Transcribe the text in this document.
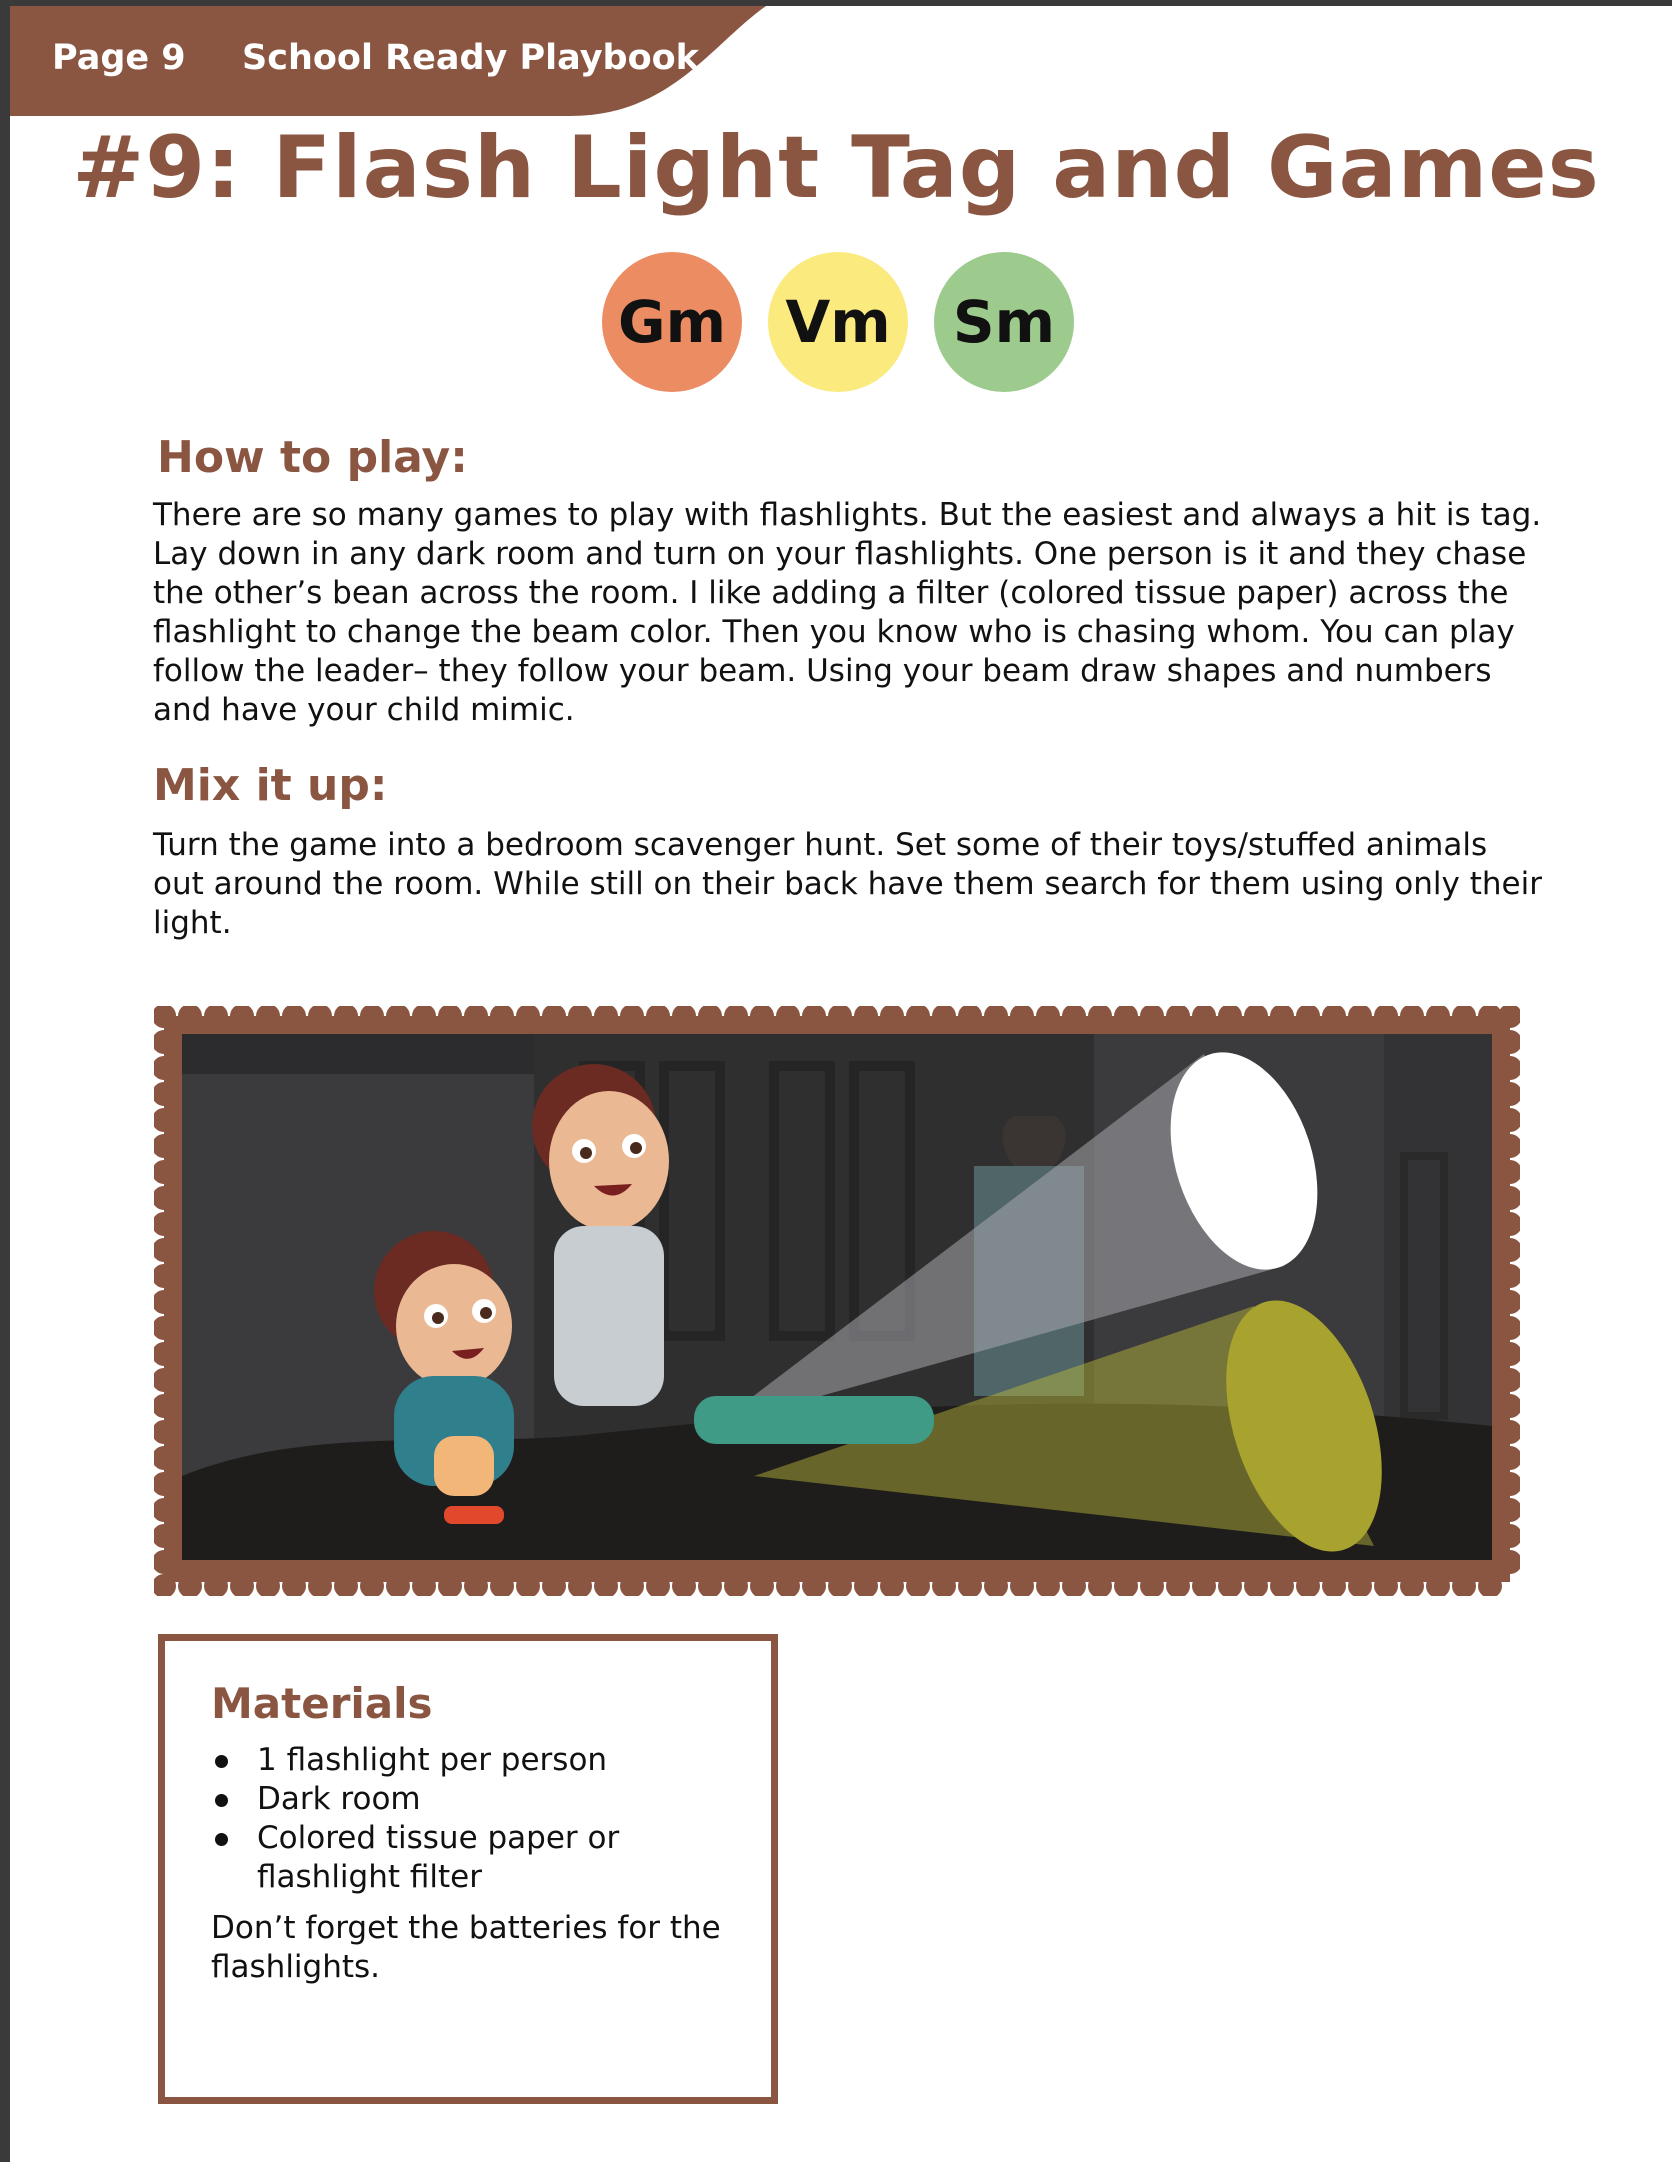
Page 9 School Ready Playbook
#9: Flash Light Tag and Games
Gm Vm	Sm
How to play:
There are so many games to play with flashlights. But the easiest and always a hit is tag. Lay down in any dark room and turn on your flashlights. One person is it and they chase the other’s bean across the room. I like adding a filter (colored tissue paper) across the flashlight to change the beam color. Then you know who is chasing whom. You can play follow the leader– they follow your beam. Using your beam draw shapes and numbers and have your child mimic.
Mix it up:
Turn the game into a bedroom scavenger hunt. Set some of their toys/stuffed animals out around the room. While still on their back have them search for them using only their light.
Materials
1 flashlight per person
Dark room
Colored tissue paper or flashlight filter
Don’t forget the batteries for the flashlights.
